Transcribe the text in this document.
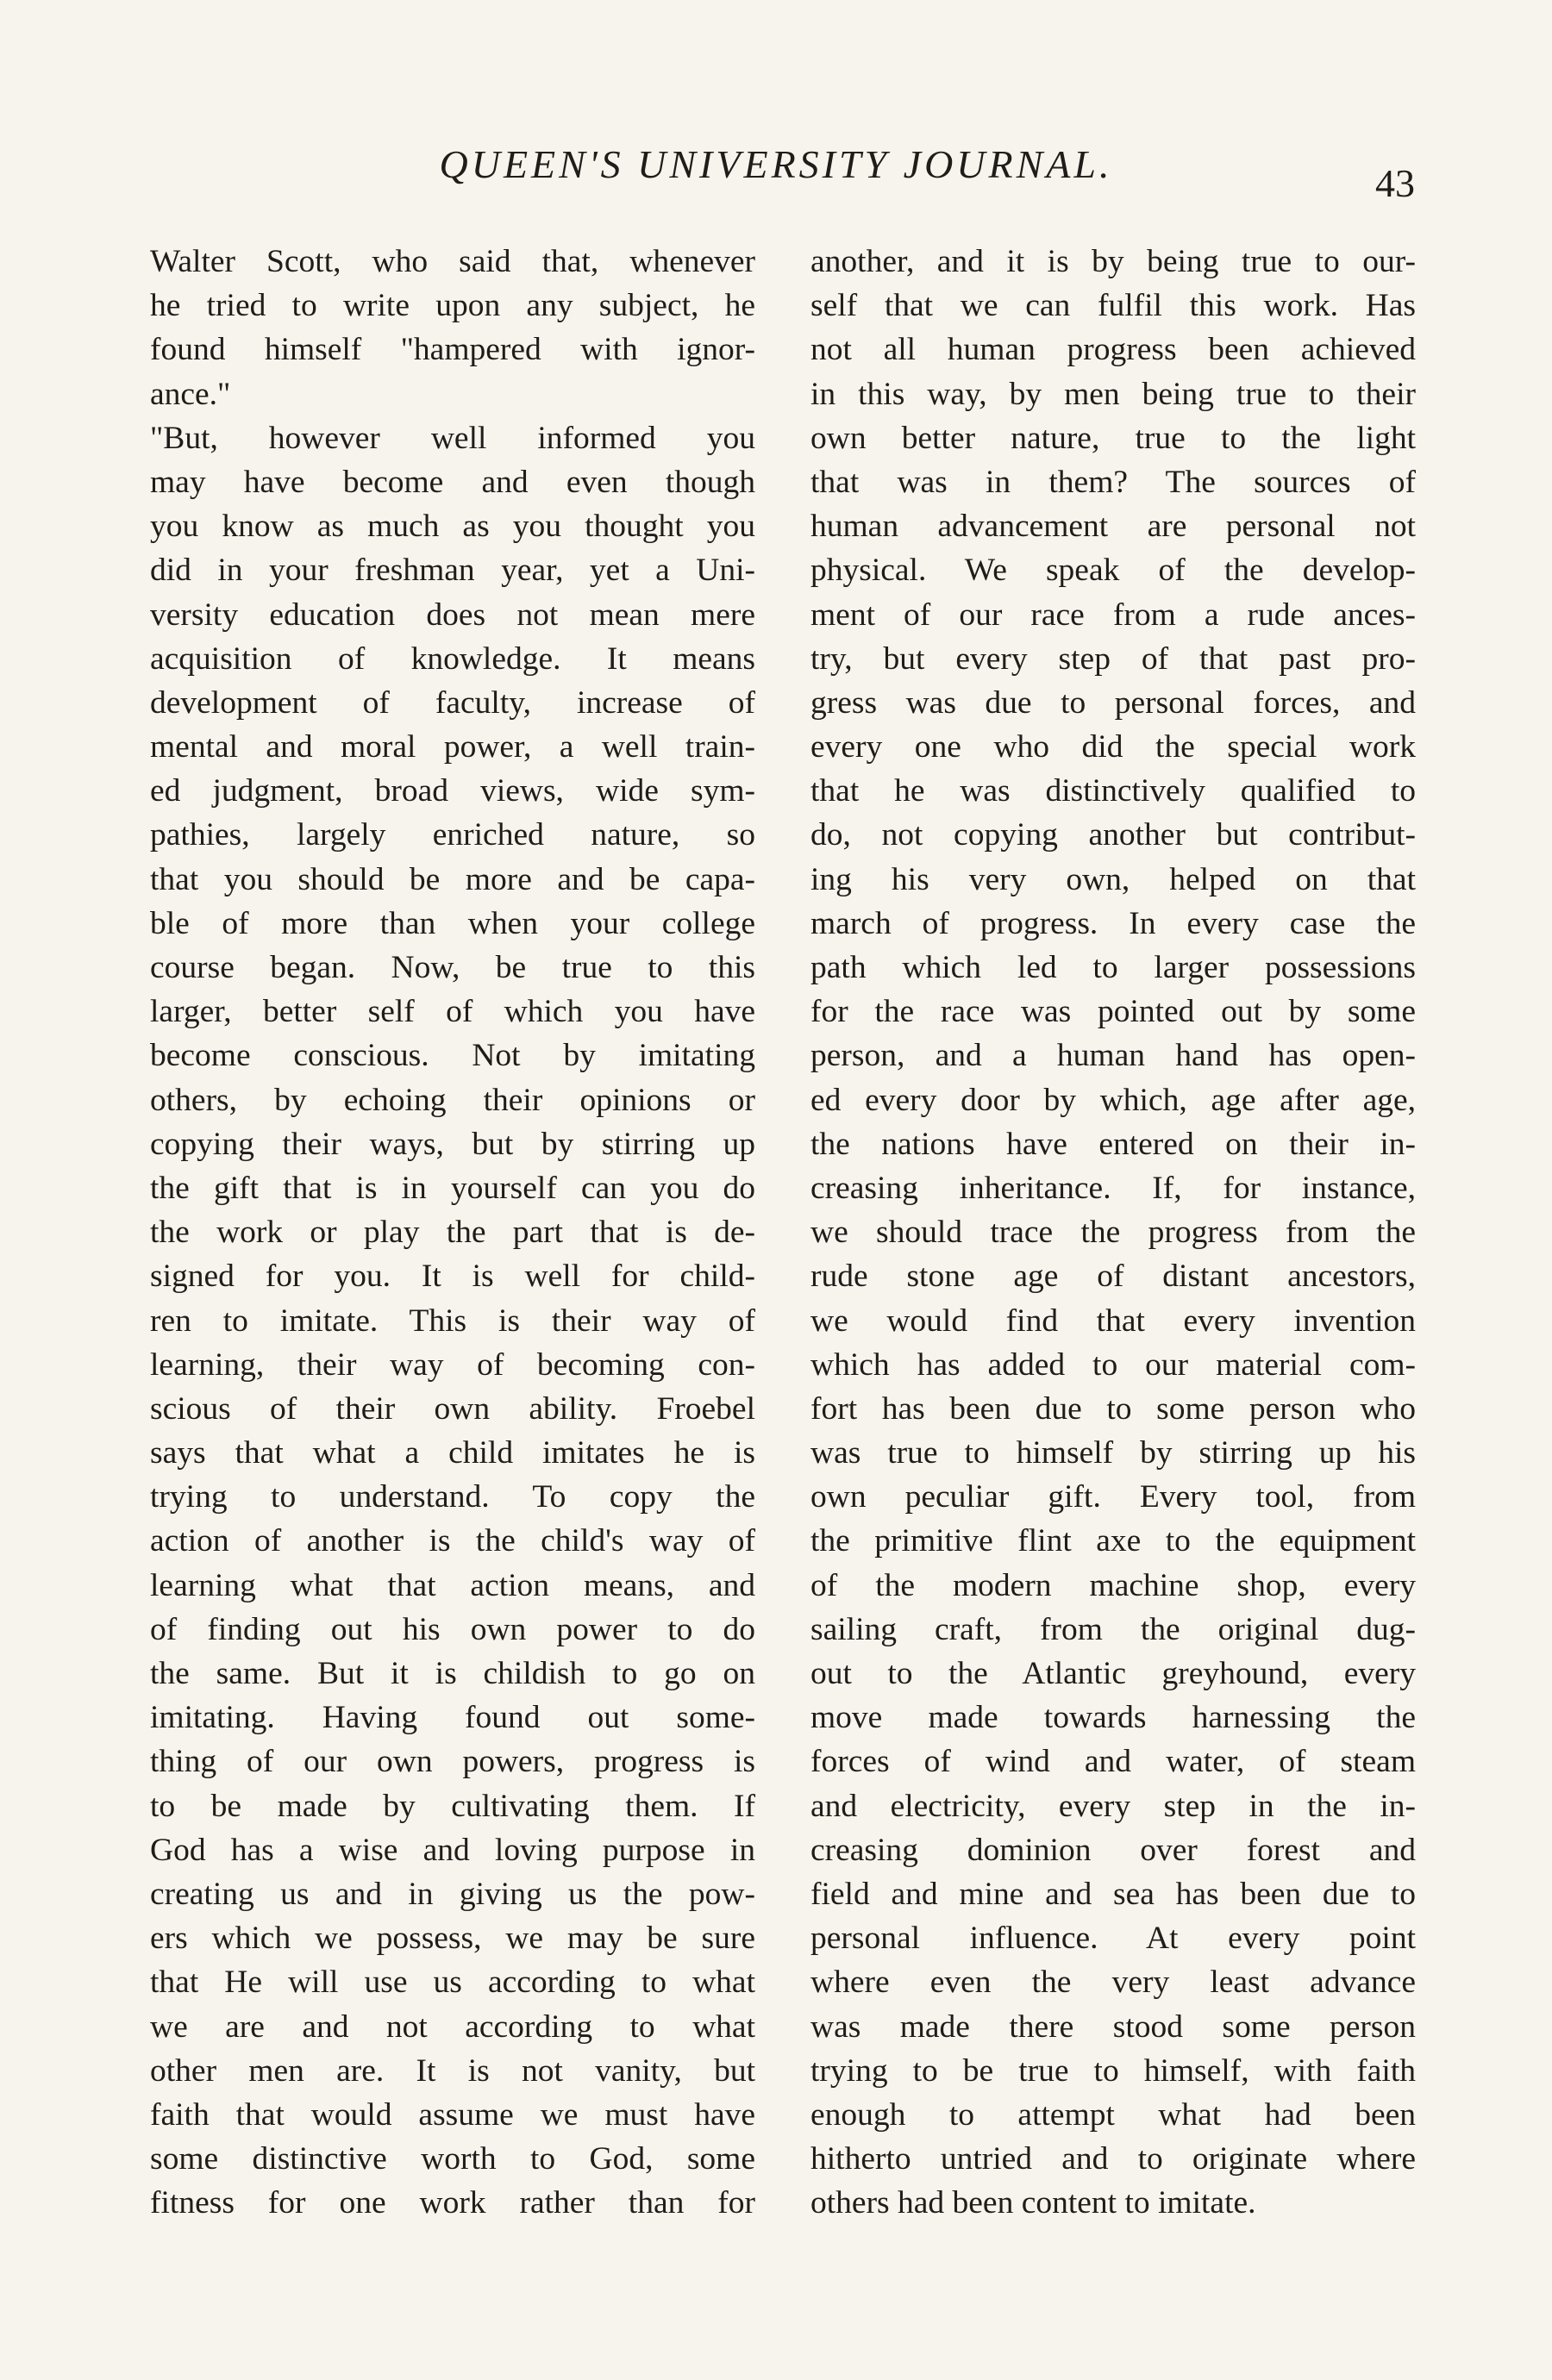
QUEEN'S UNIVERSITY JOURNAL.	43
Walter Scott, who said that, whenever
he tried to write upon any subject, he
found himself "hampered with ignor-
ance."
"But, however well informed you
may have become and even though
you know as much as you thought you
did in your freshman year, yet a Uni-
versity education does not mean mere
acquisition of knowledge. It means
development of faculty, increase of
mental and moral power, a well train-
ed judgment, broad views, wide sym-
pathies, largely enriched nature, so
that you should be more and be capa-
ble of more than when your college
course began. Now, be true to this
larger, better self of which you have
become conscious. Not by imitating
others, by echoing their opinions or
copying their ways, but by stirring up
the gift that is in yourself can you do
the work or play the part that is de-
signed for you. It is well for child-
ren to imitate. This is their way of
learning, their way of becoming con-
scious of their own ability. Froebel
says that what a child imitates he is
trying to understand. To copy the
action of another is the child's way of
learning what that action means, and
of finding out his own power to do
the same. But it is childish to go on
imitating. Having found out some-
thing of our own powers, progress is
to be made by cultivating them. If
God has a wise and loving purpose in
creating us and in giving us the pow-
ers which we possess, we may be sure
that He will use us according to what
we are and not according to what
other men are. It is not vanity, but
faith that would assume we must have
some distinctive worth to God, some
fitness for one work rather than for
another, and it is by being true to our-
self that we can fulfil this work. Has
not all human progress been achieved
in this way, by men being true to their
own better nature, true to the light
that was in them? The sources of
human advancement are personal not
physical. We speak of the develop-
ment of our race from a rude ances-
try, but every step of that past pro-
gress was due to personal forces, and
every one who did the special work
that he was distinctively qualified to
do, not copying another but contribut-
ing his very own, helped on that
march of progress. In every case the
path which led to larger possessions
for the race was pointed out by some
person, and a human hand has open-
ed every door by which, age after age,
the nations have entered on their in-
creasing inheritance. If, for instance,
we should trace the progress from the
rude stone age of distant ancestors,
we would find that every invention
which has added to our material com-
fort has been due to some person who
was true to himself by stirring up his
own peculiar gift. Every tool, from
the primitive flint axe to the equipment
of the modern machine shop, every
sailing craft, from the original dug-
out to the Atlantic greyhound, every
move made towards harnessing the
forces of wind and water, of steam
and electricity, every step in the in-
creasing dominion over forest and
field and mine and sea has been due to
personal influence. At every point
where even the very least advance
was made there stood some person
trying to be true to himself, with faith
enough to attempt what had been
hitherto untried and to originate where
others had been content to imitate.
